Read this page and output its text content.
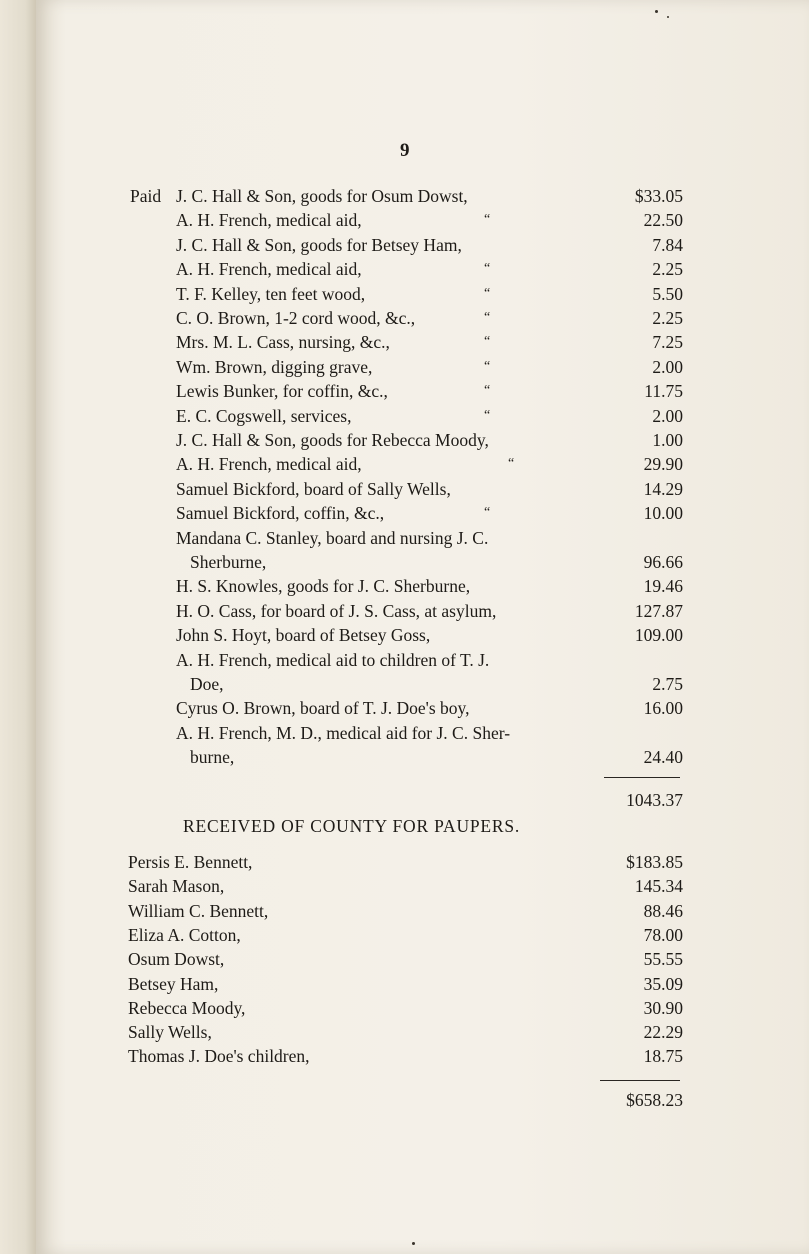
9
Paid J. C. Hall & Son, goods for Osum Dowst,	$33.05
A. H. French, medical aid,	“	22.50
J. C. Hall & Son, goods for Betsey Ham,	7.84
A. H. French, medical aid,	“	2.25
T. F. Kelley, ten feet wood,	“	5.50
C. O. Brown, 1-2 cord wood, &c.,	“	2.25
Mrs. M. L. Cass, nursing, &c.,	“	7.25
Wm. Brown, digging grave,	“	2.00
Lewis Bunker, for coffin, &c.,	“	11.75
E. C. Cogswell, services,	“	2.00
J. C. Hall & Son, goods for Rebecca Moody,	1.00
A. H. French, medical aid,	“	29.90
Samuel Bickford, board of Sally Wells,	14.29
Samuel Bickford, coffin, &c.,	“	10.00
Mandana C. Stanley, board and nursing J. C.
Sherburne,	96.66
H. S. Knowles, goods for J. C. Sherburne,	19.46
H. O. Cass, for board of J. S. Cass, at asylum,	127.87
John S. Hoyt, board of Betsey Goss,	109.00
A. H. French, medical aid to children of T. J.
Doe,	2.75
Cyrus O. Brown, board of T. J. Doe's boy,	16.00
A. H. French, M. D., medical aid for J. C. Sher-
burne,	24.40
1043.37
RECEIVED OF COUNTY FOR PAUPERS.
Persis E. Bennett,	$183.85
Sarah Mason,	145.34
William C. Bennett,	88.46
Eliza A. Cotton,	78.00
Osum Dowst,	55.55
Betsey Ham,	35.09
Rebecca Moody,	30.90
Sally Wells,	22.29
Thomas J. Doe's children,	18.75
$658.23
